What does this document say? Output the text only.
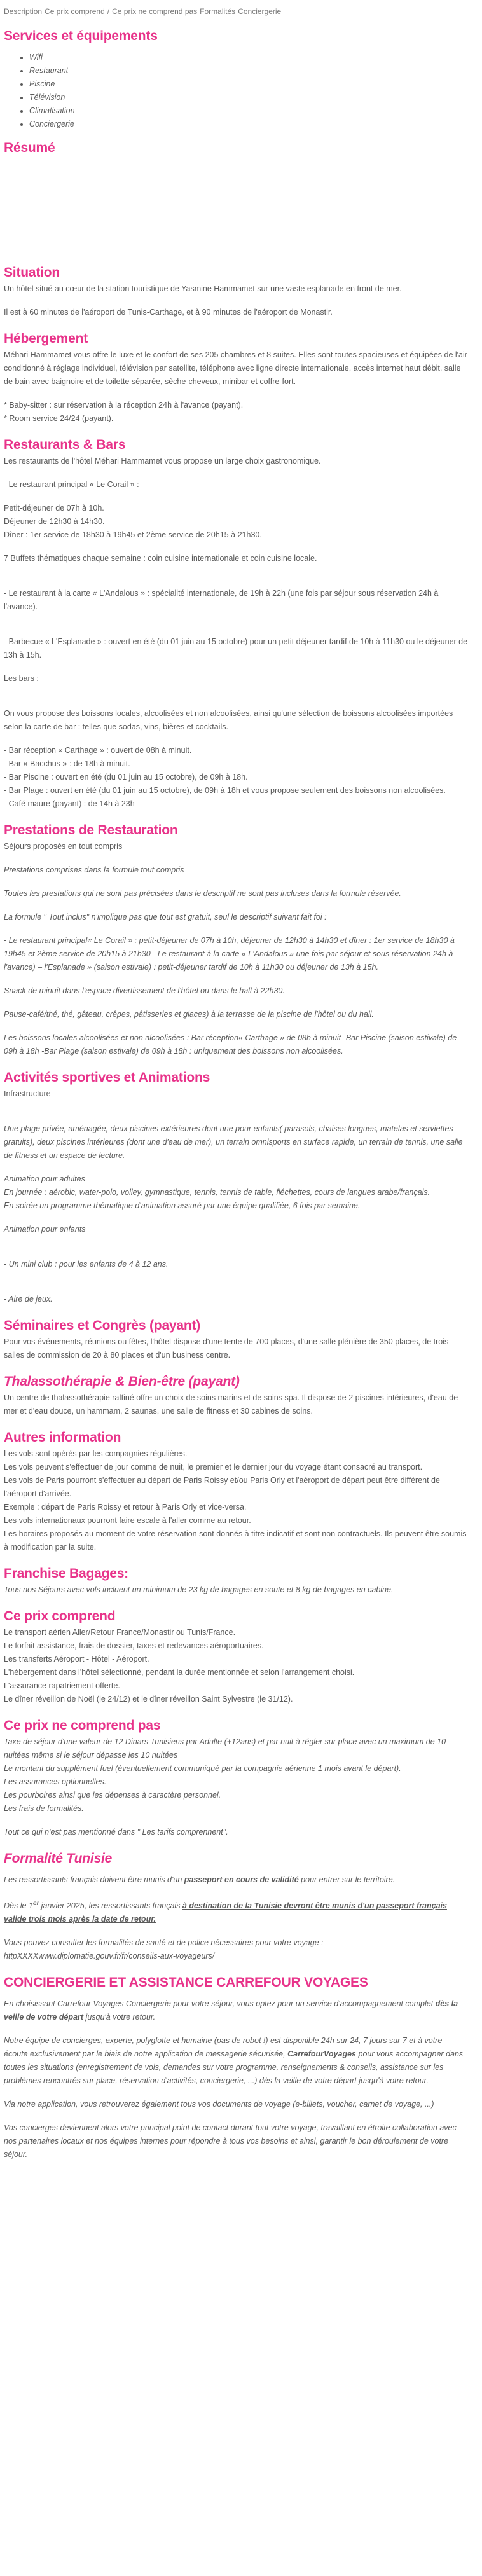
Description Ce prix comprend / Ce prix ne comprend pas Formalités Conciergerie
Services et équipements
• Wifi
• Restaurant
• Piscine
• Télévision
• Climatisation
• Conciergerie
Résumé
Situation

Un hôtel situé au cœur de la station touristique de Yasmine Hammamet sur une vaste esplanade en front de mer.

Il est à 60 minutes de l'aéroport de Tunis-Carthage, et à 90 minutes de l'aéroport de Monastir.

Hébergement

Méhari Hammamet vous offre le luxe et le confort de ses 205 chambres et 8 suites. Elles sont toutes spacieuses et équipées de l'air conditionné à réglage individuel, télévision par satellite, téléphone avec ligne directe internationale, accès internet haut débit, salle de bain avec baignoire et de toilette séparée, sèche-cheveux, minibar et coffre-fort.

* Baby-sitter : sur réservation à la réception 24h à l'avance (payant).

* Room service 24/24 (payant).

Restaurants & Bars

Les restaurants de l'hôtel Méhari Hammamet vous propose un large choix gastronomique.

- Le restaurant principal « Le Corail » :

Petit-déjeuner de 07h à 10h.
Déjeuner de 12h30 à 14h30.
Dîner : 1er service de 18h30 à 19h45 et 2ème service de 20h15 à 21h30.

7 Buffets thématiques chaque semaine : coin cuisine internationale et coin cuisine locale.

- Le restaurant à la carte « L'Andalous » : spécialité internationale, de 19h à 22h (une fois par séjour sous réservation 24h à l'avance).

- Barbecue « L'Esplanade » : ouvert en été (du 01 juin au 15 octobre) pour un petit déjeuner tardif de 10h à 11h30 ou le déjeuner de 13h à 15h.

Les bars :

On vous propose des boissons locales, alcoolisées et non alcoolisées, ainsi qu'une sélection de boissons alcoolisées importées selon la carte de bar : telles que sodas, vins, bières et cocktails.

- Bar réception « Carthage » : ouvert de 08h à minuit.
- Bar « Bacchus » : de 18h à minuit.
- Bar Piscine : ouvert en été (du 01 juin au 15 octobre), de 09h à 18h.
- Bar Plage : ouvert en été (du 01 juin au 15 octobre), de 09h à 18h et vous propose seulement des boissons non alcoolisées.
- Café maure (payant) : de 14h à 23h

Prestations de Restauration

Séjours proposés en tout compris

Prestations comprises dans la formule tout compris

Toutes les prestations qui ne sont pas précisées dans le descriptif ne sont pas incluses dans la formule réservée.

La formule " Tout inclus" n'implique pas que tout est gratuit, seul le descriptif suivant fait foi :

- Le restaurant principal« Le Corail » : petit-déjeuner de 07h à 10h, déjeuner de 12h30 à 14h30 et dîner : 1er service de 18h30 à 19h45 et 2ème service de 20h15 à 21h30 - Le restaurant à la carte « L'Andalous » une fois par séjour et sous réservation 24h à l'avance) – l'Esplanade » (saison estivale) : petit-déjeuner tardif de 10h à 11h30 ou déjeuner de 13h à 15h.

Snack de minuit dans l'espace divertissement de l'hôtel ou dans le hall à 22h30.

Pause-café/thé, thé, gâteau, crêpes, pâtisseries et glaces) à la terrasse de la piscine de l'hôtel ou du hall.

Les boissons locales alcoolisées et non alcoolisées : Bar réception« Carthage » de 08h à minuit -Bar Piscine (saison estivale) de 09h à 18h -Bar Plage (saison estivale) de 09h à 18h : uniquement des boissons non alcoolisées.

Activités sportives et Animations

Infrastructure

Une plage privée, aménagée, deux piscines extérieures dont une pour enfants( parasols, chaises longues, matelas et serviettes gratuits), deux piscines intérieures (dont une d'eau de mer), un terrain omnisports en surface rapide, un terrain de tennis, une salle de fitness et un espace de lecture.

Animation pour adultes
En journée : aérobic, water-polo, volley, gymnastique, tennis, tennis de table, fléchettes, cours de langues arabe/français.
En soirée un programme thématique d'animation assuré par une équipe qualifiée, 6 fois par semaine.

Animation pour enfants

- Un mini club : pour les enfants de 4 à 12 ans.

- Aire de jeux.

Séminaires et Congrès (payant)

Pour vos événements, réunions ou fêtes, l'hôtel dispose d'une tente de 700 places, d'une salle plénière de 350 places, de trois salles de commission de 20 à 80 places et d'un business centre.

Thalassothérapie & Bien-être (payant)

Un centre de thalassothérapie raffiné offre un choix de soins marins et de soins spa. Il dispose de 2 piscines intérieures, d'eau de mer et d'eau douce, un hammam, 2 saunas, une salle de fitness et 30 cabines de soins.

Autres information

Les vols sont opérés par les compagnies régulières.
Les vols peuvent s'effectuer de jour comme de nuit, le premier et le dernier jour du voyage étant consacré au transport.
Les vols de Paris pourront s'effectuer au départ de Paris Roissy et/ou Paris Orly et l'aéroport de départ peut être différent de l'aéroport d'arrivée.
Exemple : départ de Paris Roissy et retour à Paris Orly et vice-versa.
Les vols internationaux pourront faire escale à l'aller comme au retour.
Les horaires proposés au moment de votre réservation sont donnés à titre indicatif et sont non contractuels. Ils peuvent être soumis à modification par la suite.

Franchise Bagages:

Tous nos Séjours avec vols incluent un minimum de 23 kg de bagages en soute et 8 kg de bagages en cabine.

Ce prix comprend

Le transport aérien Aller/Retour France/Monastir ou Tunis/France.
Le forfait assistance, frais de dossier, taxes et redevances aéroportuaires.
Les transferts Aéroport - Hôtel - Aéroport.
L'hébergement dans l'hôtel sélectionné, pendant la durée mentionnée et selon l'arrangement choisi.
L'assurance rapatriement offerte.
Le dîner réveillon de Noël (le 24/12) et le dîner réveillon Saint Sylvestre (le 31/12).

Ce prix ne comprend pas

Taxe de séjour d'une valeur de 12 Dinars Tunisiens par Adulte (+12ans) et par nuit à régler sur place avec un maximum de 10 nuitées même si le séjour dépasse les 10 nuitées
Le montant du supplément fuel (éventuellement communiqué par la compagnie aérienne 1 mois avant le départ).
Les assurances optionnelles.
Les pourboires ainsi que les dépenses à caractère personnel.
Les frais de formalités.

Tout ce qui n'est pas mentionné dans " Les tarifs comprennent".

Formalité Tunisie

Les ressortissants français doivent être munis d'un passeport en cours de validité pour entrer sur le territoire.

Dès le 1er janvier 2025, les ressortissants français à destination de la Tunisie devront être munis d'un passeport français valide trois mois après la date de retour.

Vous pouvez consulter les formalités de santé et de police nécessaires pour votre voyage :
httpXXXXwww.diplomatie.gouv.fr/fr/conseils-aux-voyageurs/

CONCIERGERIE ET ASSISTANCE CARREFOUR VOYAGES

En choisissant Carrefour Voyages Conciergerie pour votre séjour, vous optez pour un service d'accompagnement complet dès la veille de votre départ jusqu'à votre retour.

Notre équipe de concierges, experte, polyglotte et humaine (pas de robot !) est disponible 24h sur 24, 7 jours sur 7 et à votre écoute exclusivement par le biais de notre application de messagerie sécurisée, CarrefourVoyages pour vous accompagner dans toutes les situations (enregistrement de vols, demandes sur votre programme, renseignements & conseils, assistance sur les problèmes rencontrés sur place, réservation d'activités, conciergerie, ...) dès la veille de votre départ jusqu'à votre retour.

Via notre application, vous retrouverez également tous vos documents de voyage (e-billets, voucher, carnet de voyage, ...)

Vos concierges deviennent alors votre principal point de contact durant tout votre voyage, travaillant en étroite collaboration avec nos partenaires locaux et nos équipes internes pour répondre à tous vos besoins et ainsi, garantir le bon déroulement de votre séjour.
